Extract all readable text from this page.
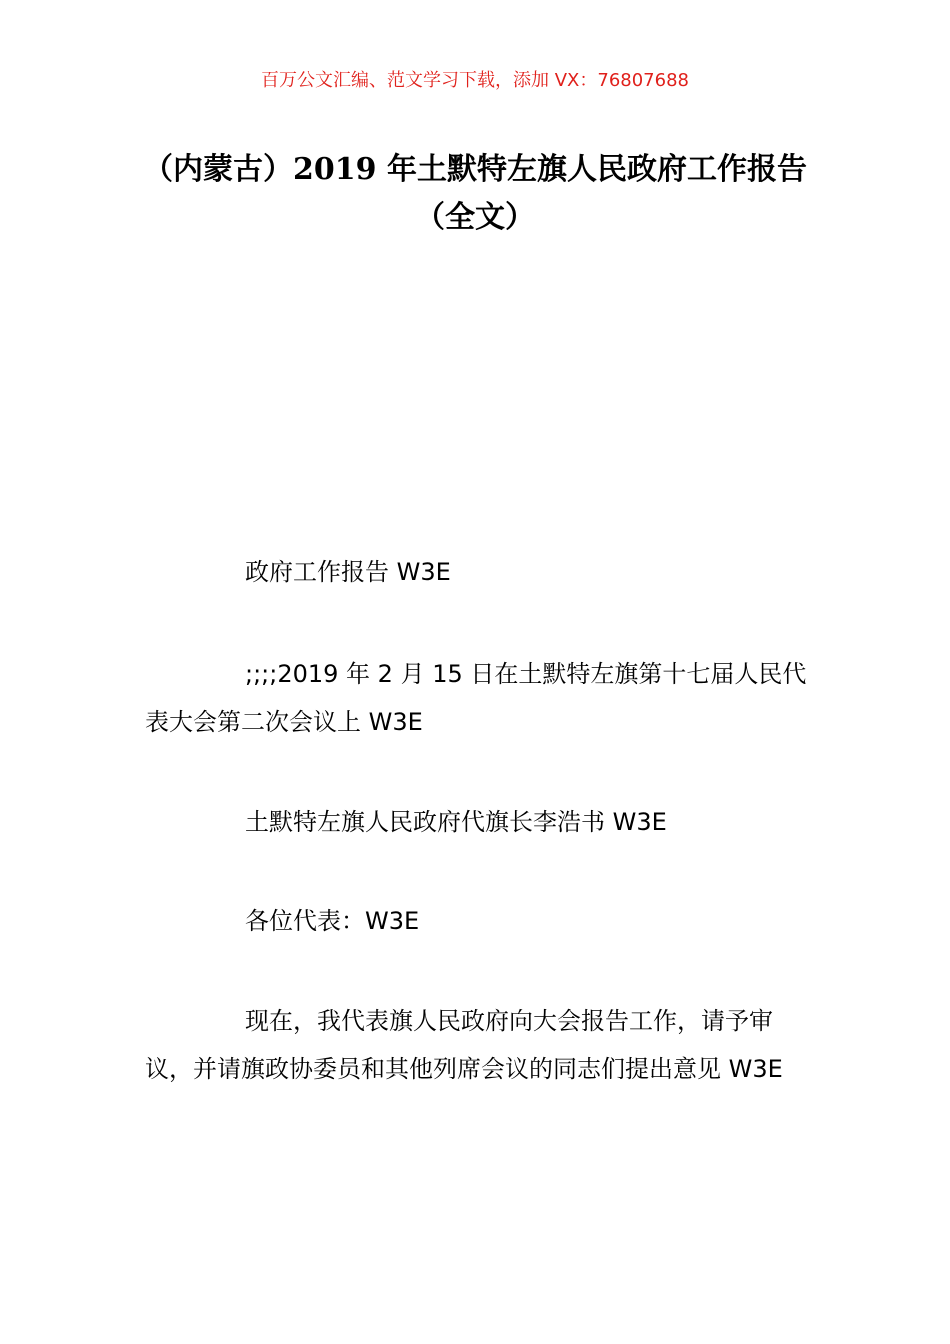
百万公文汇编、范文学习下载，添加 VX：76807688
（内蒙古）2019 年土默特左旗人民政府工作报告（全文）

政府工作报告 W3E

;;;;2019 年 2 月 15 日在土默特左旗第十七届人民代表大会第二次会议上 W3E

土默特左旗人民政府代旗长李浩书 W3E

各位代表：W3E

现在，我代表旗人民政府向大会报告工作，请予审议，并请旗政协委员和其他列席会议的同志们提出意见 W3E
